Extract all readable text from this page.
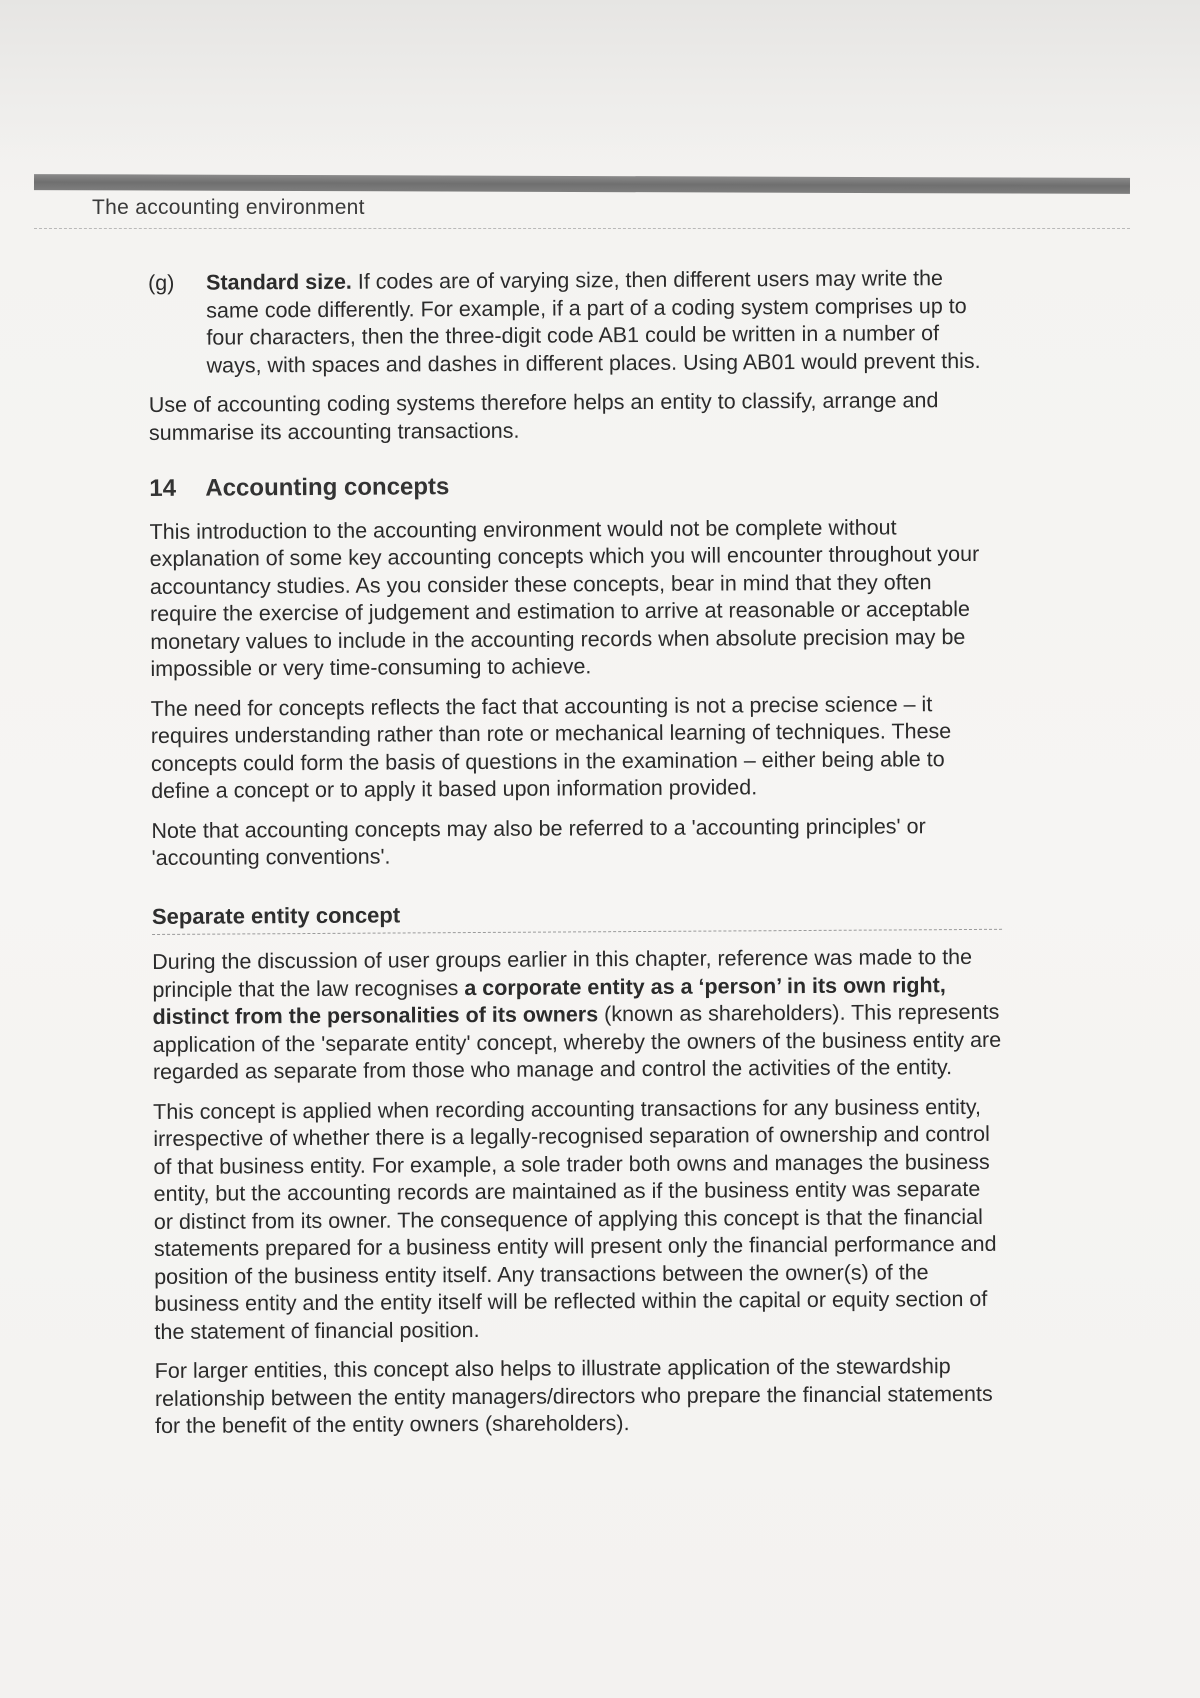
The accounting environment
(g)	Standard size. If codes are of varying size, then different users may write the same code differently. For example, if a part of a coding system comprises up to four characters, then the three-digit code AB1 could be written in a number of ways, with spaces and dashes in different places. Using AB01 would prevent this.

Use of accounting coding systems therefore helps an entity to classify, arrange and summarise its accounting transactions.

14	Accounting concepts

This introduction to the accounting environment would not be complete without explanation of some key accounting concepts which you will encounter throughout your accountancy studies. As you consider these concepts, bear in mind that they often require the exercise of judgement and estimation to arrive at reasonable or acceptable monetary values to include in the accounting records when absolute precision may be impossible or very time-consuming to achieve.

The need for concepts reflects the fact that accounting is not a precise science – it requires understanding rather than rote or mechanical learning of techniques. These concepts could form the basis of questions in the examination – either being able to define a concept or to apply it based upon information provided.

Note that accounting concepts may also be referred to a 'accounting principles' or 'accounting conventions'.

Separate entity concept

During the discussion of user groups earlier in this chapter, reference was made to the principle that the law recognises a corporate entity as a ‘person’ in its own right, distinct from the personalities of its owners (known as shareholders). This represents application of the 'separate entity' concept, whereby the owners of the business entity are regarded as separate from those who manage and control the activities of the entity.

This concept is applied when recording accounting transactions for any business entity, irrespective of whether there is a legally-recognised separation of ownership and control of that business entity. For example, a sole trader both owns and manages the business entity, but the accounting records are maintained as if the business entity was separate or distinct from its owner. The consequence of applying this concept is that the financial statements prepared for a business entity will present only the financial performance and position of the business entity itself. Any transactions between the owner(s) of the business entity and the entity itself will be reflected within the capital or equity section of the statement of financial position.

For larger entities, this concept also helps to illustrate application of the stewardship relationship between the entity managers/directors who prepare the financial statements for the benefit of the entity owners (shareholders).
